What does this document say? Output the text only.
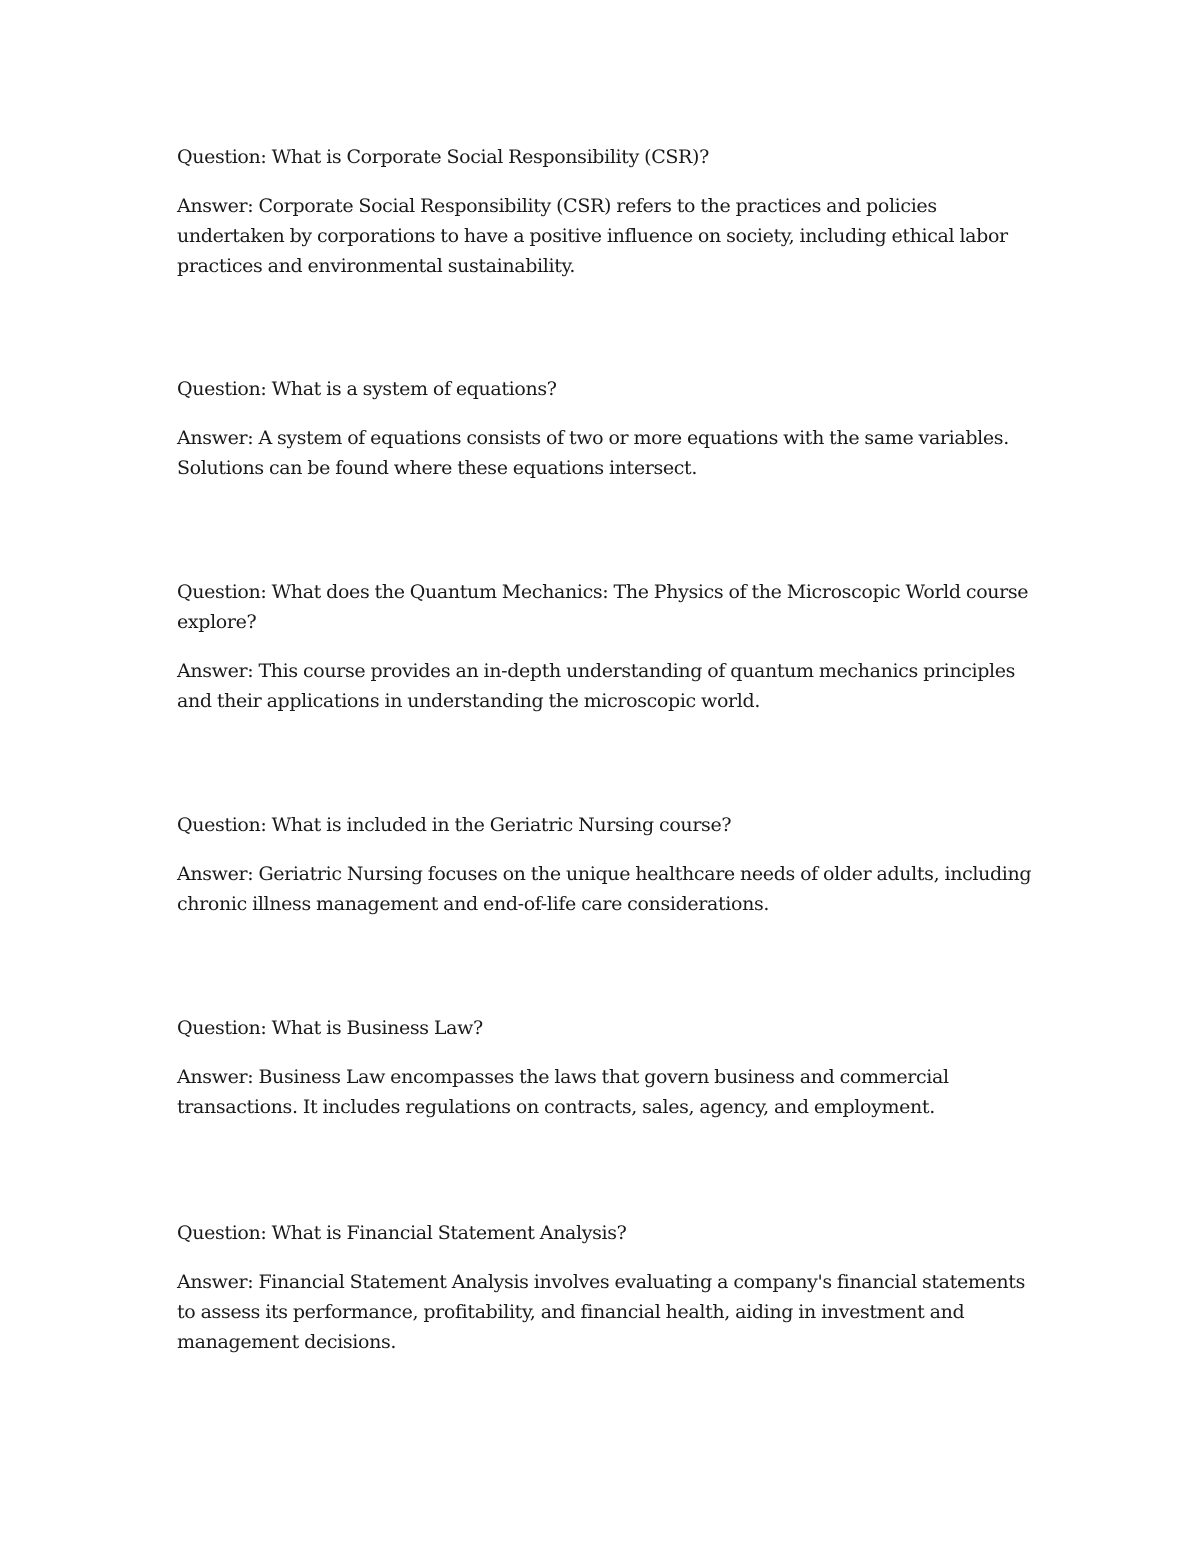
Question: What is Corporate Social Responsibility (CSR)?

Answer: Corporate Social Responsibility (CSR) refers to the practices and policies undertaken by corporations to have a positive influence on society, including ethical labor practices and environmental sustainability.

Question: What is a system of equations?

Answer: A system of equations consists of two or more equations with the same variables. Solutions can be found where these equations intersect.

Question: What does the Quantum Mechanics: The Physics of the Microscopic World course explore?

Answer: This course provides an in-depth understanding of quantum mechanics principles and their applications in understanding the microscopic world.

Question: What is included in the Geriatric Nursing course?

Answer: Geriatric Nursing focuses on the unique healthcare needs of older adults, including chronic illness management and end-of-life care considerations.

Question: What is Business Law?

Answer: Business Law encompasses the laws that govern business and commercial transactions. It includes regulations on contracts, sales, agency, and employment.

Question: What is Financial Statement Analysis?

Answer: Financial Statement Analysis involves evaluating a company's financial statements to assess its performance, profitability, and financial health, aiding in investment and management decisions.
